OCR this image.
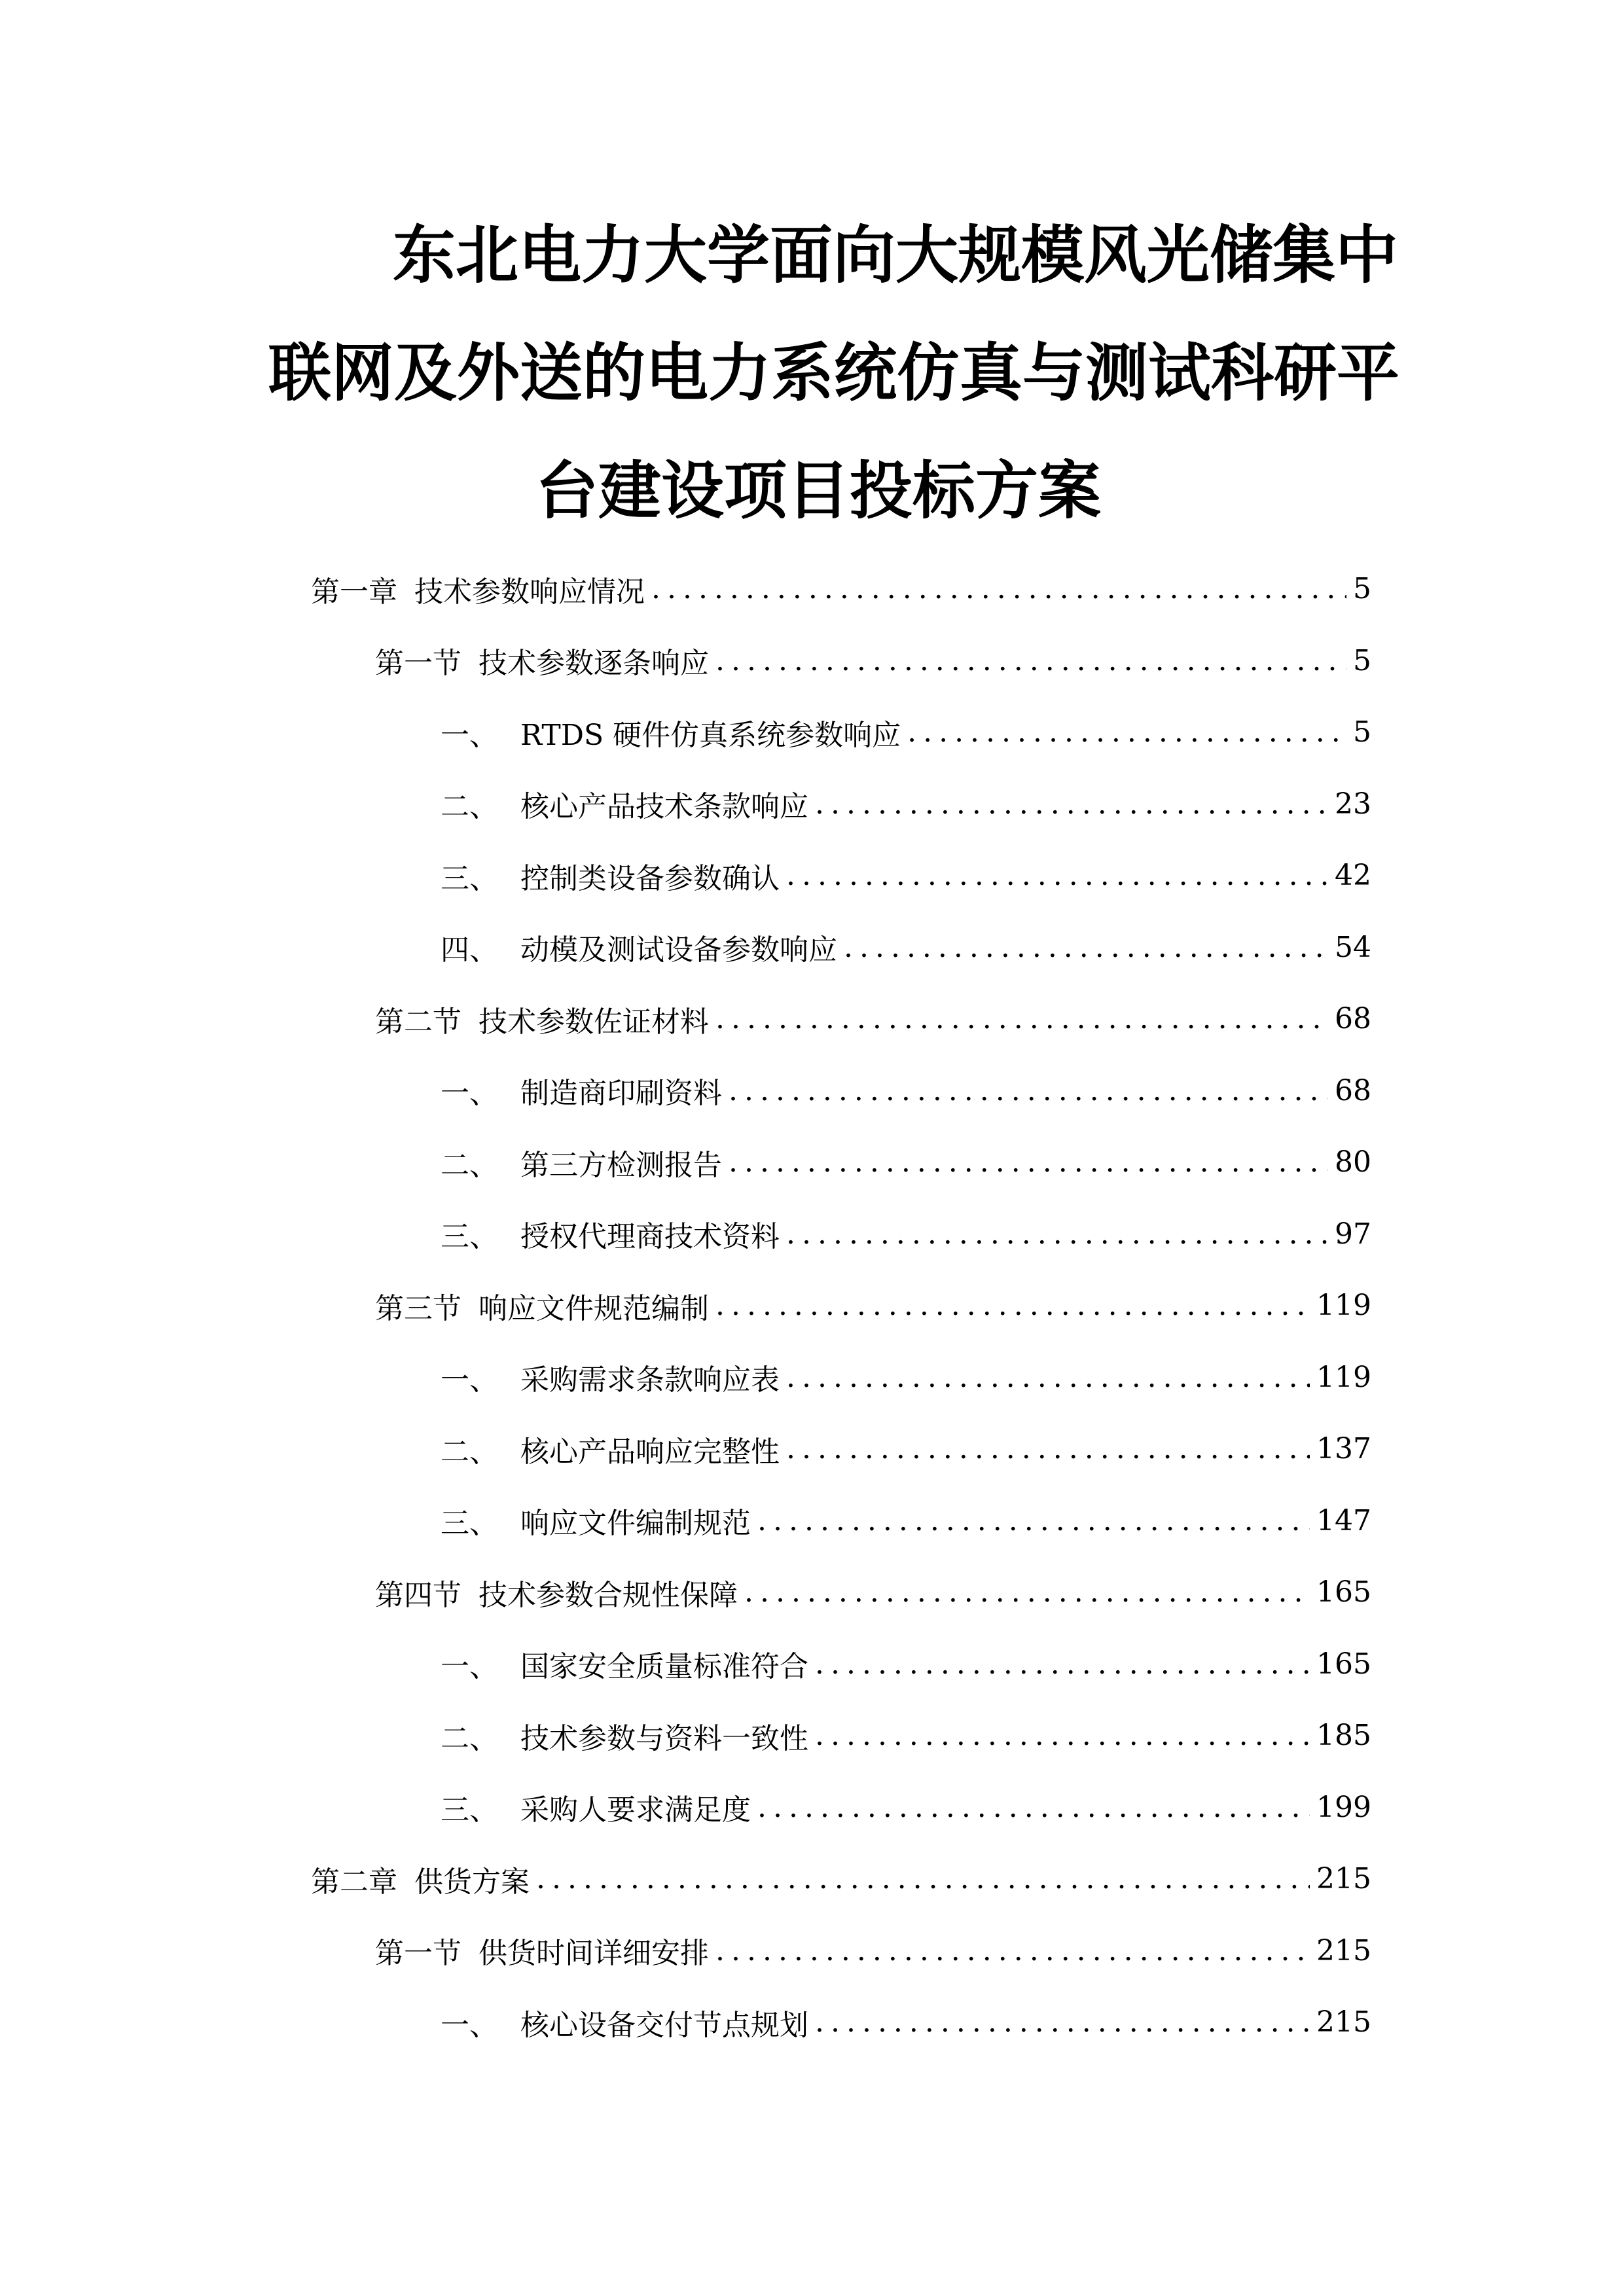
东北电力大学面向大规模风光储集中
联网及外送的电力系统仿真与测试科研平
台建设项目投标方案
第一章 技术参数响应情况 .....	5
第一节 技术参数逐条响应 .....	5
一、 RTDS 硬件仿真系统参数响应 .....	5
二、 核心产品技术条款响应 .....	23
三、 控制类设备参数确认 .....	42
四、 动模及测试设备参数响应 .....	54
第二节 技术参数佐证材料 .....	68
一、 制造商印刷资料 .....	68
二、 第三方检测报告 .....	80
三、 授权代理商技术资料 .....	97
第三节 响应文件规范编制 .....	119
一、 采购需求条款响应表 .....	119
二、 核心产品响应完整性 .....	137
三、 响应文件编制规范 .....	147
第四节 技术参数合规性保障 .....	165
一、 国家安全质量标准符合 .....	165
二、 技术参数与资料一致性 .....	185
三、 采购人要求满足度 .....	199
第二章 供货方案 .....	215
第一节 供货时间详细安排 .....	215
一、 核心设备交付节点规划 .....	215
